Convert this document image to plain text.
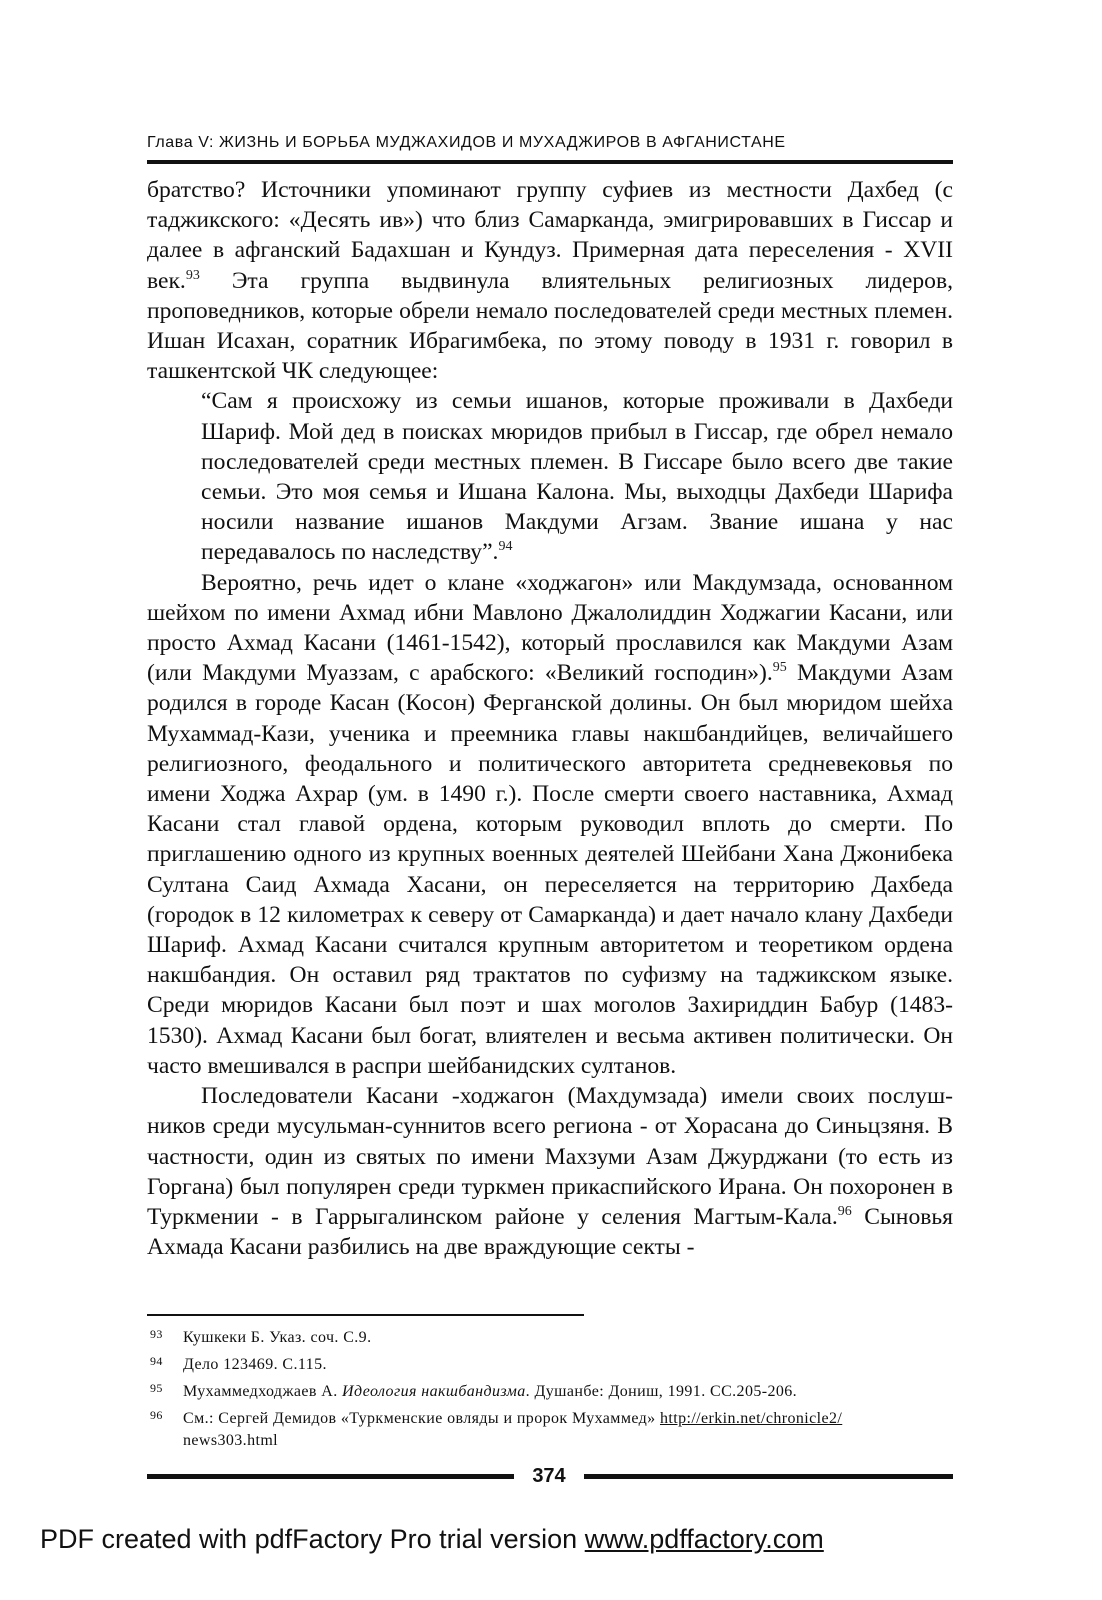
Глава V: ЖИЗНЬ И БОРЬБА МУДЖАХИДОВ И МУХАДЖИРОВ В АФГАНИСТАНЕ

братство? Источники упоминают группу суфиев из местности Дахбед (с таджикского: «Десять ив») что близ Самарканда, эмигрировавших в Гиссар и далее в афганский Бадахшан и Кундуз. Примерная дата переселения - XVII век.$^{93}$ Эта группа выдвинула влиятельных религиозных лидеров, проповедников, которые обрели немало последователей среди местных племен. Ишан Исахан, соратник Ибрагимбека, по этому поводу в 1931 г. говорил в ташкентской ЧК следующее:

“Сам я происхожу из семьи ишанов, которые проживали в Дахбеди Шариф. Мой дед в поисках мюридов прибыл в Гиссар, где обрел немало последователей среди местных племен. В Гиссаре было всего две такие семьи. Это моя семья и Ишана Калона. Мы, выходцы Дахбеди Шарифа носили название ишанов Макдуми Агзам. Звание ишана у нас передавалось по наследству”.$^{94}$

Вероятно, речь идет о клане «ходжагон» или Макдумзада, основанном шейхом по имени Ахмад ибни Мавлоно Джалолиддин Ходжагии Касани, или просто Ахмад Касани (1461-1542), который прославился как Макдуми Азам (или Макдуми Муаззам, с арабского: «Великий господин»).$^{95}$ Макдуми Азам родился в городе Касан (Косон) Ферганской долины. Он был мюридом шейха Мухаммад-Кази, ученика и преемника главы накшбандийцев, величайшего религиозного, феодального и политического авторитета средневековья по имени Ходжа Ахрар (ум. в 1490 г.). После смерти своего наставника, Ахмад Касани стал главой ордена, которым руководил вплоть до смерти. По приглашению одного из крупных военных деятелей Шейбани Хана Джонибека Султана Саид Ахмада Хасани, он переселяется на территорию Дахбеда (городок в 12 километрах к северу от Самарканда) и дает начало клану Дахбеди Шариф. Ахмад Касани считался крупным авторитетом и теоретиком ордена накшбандия. Он оставил ряд трактатов по суфизму на таджикском языке. Среди мюридов Касани был поэт и шах моголов Захириддин Бабур (1483-1530). Ахмад Касани был богат, влиятелен и весьма активен политически. Он часто вмешивался в распри шейбанидских султанов.

Последователи Касани -ходжагон (Махдумзада) имели своих послушников среди мусульман-суннитов всего региона - от Хорасана до Синьцзяня. В частности, один из святых по имени Махзуми Азам Джурджани (то есть из Горгана) был популярен среди туркмен прикаспийского Ирана. Он похоронен в Туркмении - в Гаррыгалинском районе у селения Магтым-Кала.$^{96}$ Сыновья Ахмада Касани разбились на две враждующие секты -

93 Кушкеки Б. Указ. соч. С.9.
94 Дело 123469. С.115.
95 Мухаммедходжаев А. Идеология накшбандизма. Душанбе: Дониш, 1991. СС.205-206.
96 См.: Сергей Демидов «Туркменские овляды и пророк Мухаммед» http://erkin.net/chronicle2/
news303.html
374
PDF created with pdfFactory Pro trial version www.pdffactory.com
